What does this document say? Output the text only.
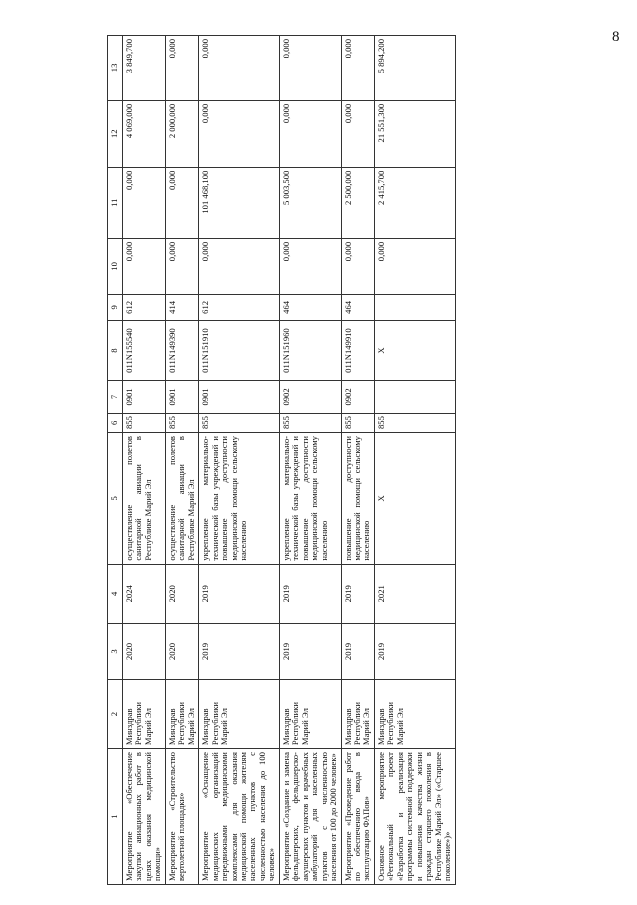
8
1	2	3	4	5	6	7	8	9	10	11	12	13
Мероприятие «Обеспечение закупки авиационных работ в целях оказания медицинской помощи»	Минздрав Республики Марий Эл	2020	2024	осуществление полетов санитарной авиации в Республике Марий Эл	855	0901	011N155540	612	0,000	0,000	4 069,000	3 849,700
Мероприятие «Строительство вертолетной площадки»	Минздрав Республики Марий Эл	2020	2020	осуществление полетов санитарной авиации в Республике Марий Эл	855	0901	011N149390	414	0,000	0,000	2 000,000	0,000
Мероприятие «Оснащение медицинских организаций передвижными медицинскими комплексами для оказания медицинской помощи жителям населенных пунктов с численностью населения до 100 человек»	Минздрав Республики Марий Эл	2019	2019	укрепление материально-технической базы учреждений и повышение доступности медицинской помощи сельскому населению	855	0901	011N151910	612	0,000	101 468,100	0,000	0,000
Мероприятие «Создание и замена фельдшерских, фельдшерско-акушерских пунктов и врачебных амбулаторий для населенных пунктов с численностью населения от 100 до 2000 человек»	Минздрав Республики Марий Эл	2019	2019	укрепление материально-технической базы учреждений и повышение доступности медицинской помощи сельскому населению	855	0902	011N151960	464	0,000	5 003,500	0,000	0,000
Мероприятие «Проведение работ по обеспечению ввода в эксплуатацию ФАПов»	Минздрав Республики Марий Эл	2019	2019	повышение доступности медицинской помощи сельскому населению	855	0902	011N149910	464	0,000	2 500,000	0,000	0,000
Основное мероприятие «Региональный проект «Разработка и реализация программы системной поддержки и повышения качества жизни граждан старшего поколения в Республике Марий Эл» («Старшее поколение»)»	Минздрав Республики Марий Эл	2019	2021	X	855		X		0,000	2 415,700	21 551,300	5 894,200
